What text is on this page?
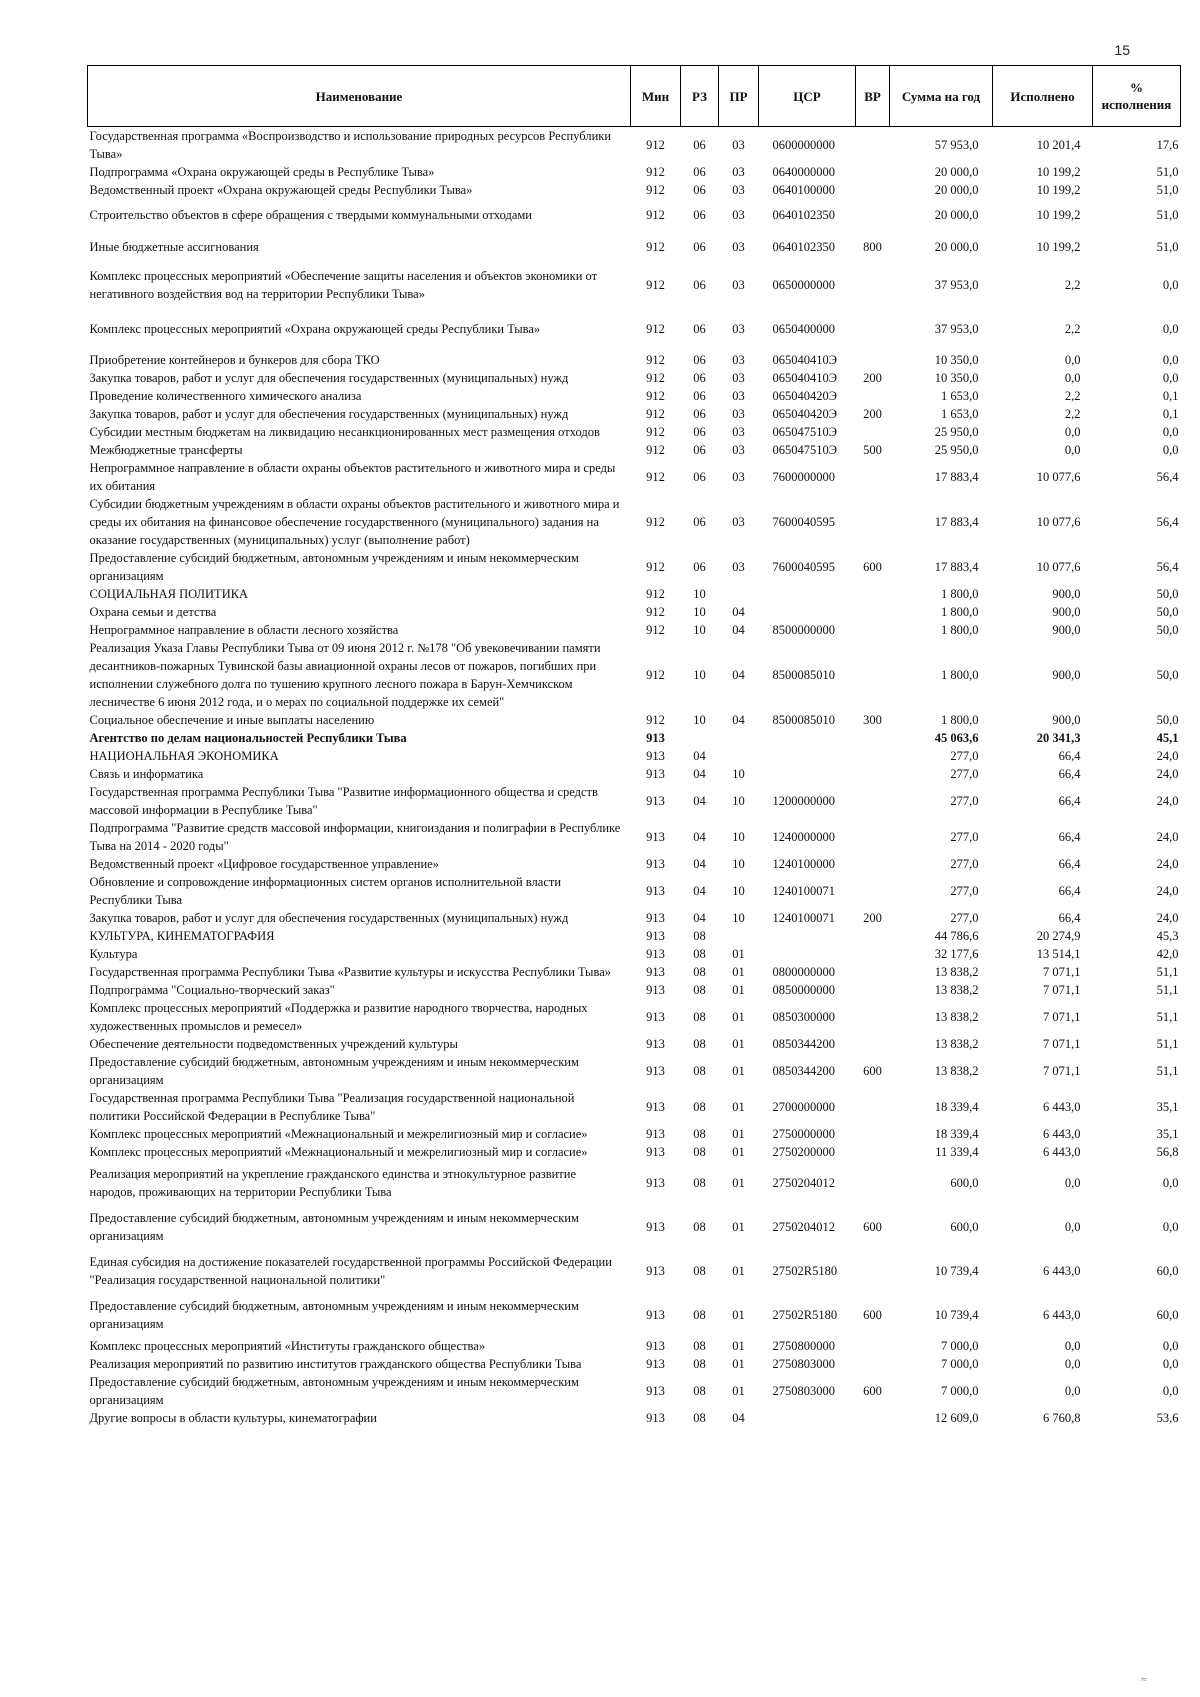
15
Наименование	Мин	РЗ	ПР	ЦСР	ВР	Сумма на год	Исполнено	% исполнения
Государственная программа «Воспроизводство и использование природных ресурсов Республики Тыва»	912	06	03	0600000000		57 953,0	10 201,4	17,6
Подпрограмма «Охрана окружающей среды в Республике Тыва»	912	06	03	0640000000		20 000,0	10 199,2	51,0
Ведомственный проект «Охрана окружающей среды Республики Тыва»	912	06	03	0640100000		20 000,0	10 199,2	51,0
Строительство объектов в сфере обращения с твердыми коммунальными отходами	912	06	03	0640102350		20 000,0	10 199,2	51,0
Иные бюджетные ассигнования	912	06	03	0640102350	800	20 000,0	10 199,2	51,0
Комплекс процессных мероприятий «Обеспечение защиты населения и объектов экономики от негативного воздействия вод на территории Республики Тыва»	912	06	03	0650000000		37 953,0	2,2	0,0
Комплекс процессных мероприятий «Охрана окружающей среды Республики Тыва»	912	06	03	0650400000		37 953,0	2,2	0,0
Приобретение контейнеров и бункеров для сбора ТКО	912	06	03	065040410Э		10 350,0	0,0	0,0
Закупка товаров, работ и услуг для обеспечения государственных (муниципальных) нужд	912	06	03	065040410Э	200	10 350,0	0,0	0,0
Проведение количественного химического анализа	912	06	03	065040420Э		1 653,0	2,2	0,1
Закупка товаров, работ и услуг для обеспечения государственных (муниципальных) нужд	912	06	03	065040420Э	200	1 653,0	2,2	0,1
Субсидии местным бюджетам на ликвидацию несанкционированных мест размещения отходов	912	06	03	065047510Э		25 950,0	0,0	0,0
Межбюджетные трансферты	912	06	03	065047510Э	500	25 950,0	0,0	0,0
Непрограммное направление в области охраны объектов растительного и животного мира и среды их обитания	912	06	03	7600000000		17 883,4	10 077,6	56,4
Субсидии бюджетным учреждениям в области охраны объектов растительного и животного мира и среды их обитания на финансовое обеспечение государственного (муниципального) задания на оказание государственных (муниципальных) услуг (выполнение работ)	912	06	03	7600040595		17 883,4	10 077,6	56,4
Предоставление субсидий бюджетным, автономным учреждениям и иным некоммерческим организациям	912	06	03	7600040595	600	17 883,4	10 077,6	56,4
СОЦИАЛЬНАЯ ПОЛИТИКА	912	10				1 800,0	900,0	50,0
Охрана семьи и детства	912	10	04			1 800,0	900,0	50,0
Непрограммное направление в области лесного хозяйства	912	10	04	8500000000		1 800,0	900,0	50,0
Реализация Указа Главы Республики Тыва от 09 июня 2012 г. №178 "Об увековечивании памяти десантников-пожарных Тувинской базы авиационной охраны лесов от пожаров, погибших при исполнении служебного долга по тушению крупного лесного пожара в Барун-Хемчикском лесничестве 6 июня 2012 года, и о мерах по социальной поддержке их семей"	912	10	04	8500085010		1 800,0	900,0	50,0
Социальное обеспечение и иные выплаты населению	912	10	04	8500085010	300	1 800,0	900,0	50,0
Агентство по делам национальностей Республики Тыва	913					45 063,6	20 341,3	45,1
НАЦИОНАЛЬНАЯ ЭКОНОМИКА	913	04				277,0	66,4	24,0
Связь и информатика	913	04	10			277,0	66,4	24,0
Государственная программа Республики Тыва "Развитие информационного общества и средств массовой информации в Республике Тыва"	913	04	10	1200000000		277,0	66,4	24,0
Подпрограмма "Развитие средств массовой информации, книгоиздания и полиграфии в Республике Тыва на 2014 - 2020 годы"	913	04	10	1240000000		277,0	66,4	24,0
Ведомственный проект «Цифровое государственное управление»	913	04	10	1240100000		277,0	66,4	24,0
Обновление и сопровождение информационных систем органов исполнительной власти Республики Тыва	913	04	10	1240100071		277,0	66,4	24,0
Закупка товаров, работ и услуг для обеспечения государственных (муниципальных) нужд	913	04	10	1240100071	200	277,0	66,4	24,0
КУЛЬТУРА, КИНЕМАТОГРАФИЯ	913	08				44 786,6	20 274,9	45,3
Культура	913	08	01			32 177,6	13 514,1	42,0
Государственная программа Республики Тыва «Развитие культуры и искусства Республики Тыва»	913	08	01	0800000000		13 838,2	7 071,1	51,1
Подпрограмма "Социально-творческий заказ"	913	08	01	0850000000		13 838,2	7 071,1	51,1
Комплекс процессных мероприятий «Поддержка и развитие народного творчества, народных художественных промыслов и ремесел»	913	08	01	0850300000		13 838,2	7 071,1	51,1
Обеспечение деятельности подведомственных учреждений культуры	913	08	01	0850344200		13 838,2	7 071,1	51,1
Предоставление субсидий бюджетным, автономным учреждениям и иным некоммерческим организациям	913	08	01	0850344200	600	13 838,2	7 071,1	51,1
Государственная программа Республики Тыва "Реализация государственной национальной политики Российской Федерации в Республике Тыва"	913	08	01	2700000000		18 339,4	6 443,0	35,1
Комплекс процессных мероприятий «Межнациональный и межрелигиозный мир и согласие»	913	08	01	2750000000		18 339,4	6 443,0	35,1
Комплекс процессных мероприятий «Межнациональный и межрелигиозный мир и согласие»	913	08	01	2750200000		11 339,4	6 443,0	56,8
Реализация мероприятий на укрепление гражданского единства и этнокультурное развитие народов, проживающих на территории Республики Тыва	913	08	01	2750204012		600,0	0,0	0,0
Предоставление субсидий бюджетным, автономным учреждениям и иным некоммерческим организациям	913	08	01	2750204012	600	600,0	0,0	0,0
Единая субсидия на достижение показателей государственной программы Российской Федерации "Реализация государственной национальной политики"	913	08	01	27502R5180		10 739,4	6 443,0	60,0
Предоставление субсидий бюджетным, автономным учреждениям и иным некоммерческим организациям	913	08	01	27502R5180	600	10 739,4	6 443,0	60,0
Комплекс процессных мероприятий «Институты гражданского общества»	913	08	01	2750800000		7 000,0	0,0	0,0
Реализация мероприятий по развитию институтов гражданского общества Республики Тыва	913	08	01	2750803000		7 000,0	0,0	0,0
Предоставление субсидий бюджетным, автономным учреждениям и иным некоммерческим организациям	913	08	01	2750803000	600	7 000,0	0,0	0,0
Другие вопросы в области культуры, кинематографии	913	08	04			12 609,0	6 760,8	53,6
≈
